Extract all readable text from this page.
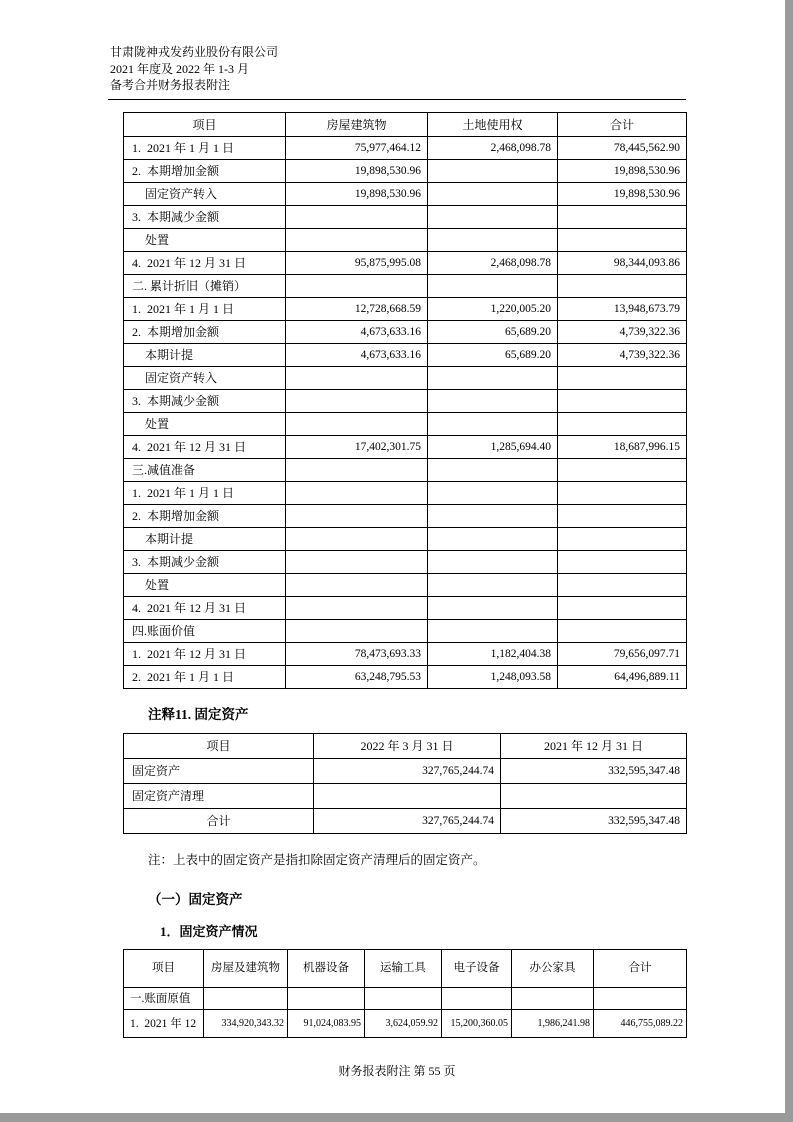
甘肃陇神戎发药业股份有限公司
2021 年度及 2022 年 1-3 月
备考合并财务报表附注
项目	房屋建筑物	土地使用权	合计
1.  2021 年 1 月 1 日	75,977,464.12	2,468,098.78	78,445,562.90
2.  本期增加金额	19,898,530.96		19,898,530.96
固定资产转入	19,898,530.96		19,898,530.96
3.  本期减少金额			
处置			
4.  2021 年 12 月 31 日	95,875,995.08	2,468,098.78	98,344,093.86
二. 累计折旧（摊销）			
1.  2021 年 1 月 1 日	12,728,668.59	1,220,005.20	13,948,673.79
2.  本期增加金额	4,673,633.16	65,689.20	4,739,322.36
本期计提	4,673,633.16	65,689.20	4,739,322.36
固定资产转入			
3.  本期减少金额			
处置			
4.  2021 年 12 月 31 日	17,402,301.75	1,285,694.40	18,687,996.15
三.减值准备			
1.  2021 年 1 月 1 日			
2.  本期增加金额			
本期计提			
3.  本期减少金额			
处置			
4.  2021 年 12 月 31 日			
四.账面价值			
1.  2021 年 12 月 31 日	78,473,693.33	1,182,404.38	79,656,097.71
2.  2021 年 1 月 1 日	63,248,795.53	1,248,093.58	64,496,889.11
注释11. 固定资产
项目	2022 年 3 月 31 日	2021 年 12 月 31 日
固定资产	327,765,244.74	332,595,347.48
固定资产清理		
合计	327,765,244.74	332,595,347.48
注：上表中的固定资产是指扣除固定资产清理后的固定资产。
（一）固定资产
1．固定资产情况
项目	房屋及建筑物	机器设备	运输工具	电子设备	办公家具	合计
一.账面原值						
1.  2021 年 12	334,920,343.32	91,024,083.95	3,624,059.92	15,200,360.05	1,986,241.98	446,755,089.22
财务报表附注 第 55 页
